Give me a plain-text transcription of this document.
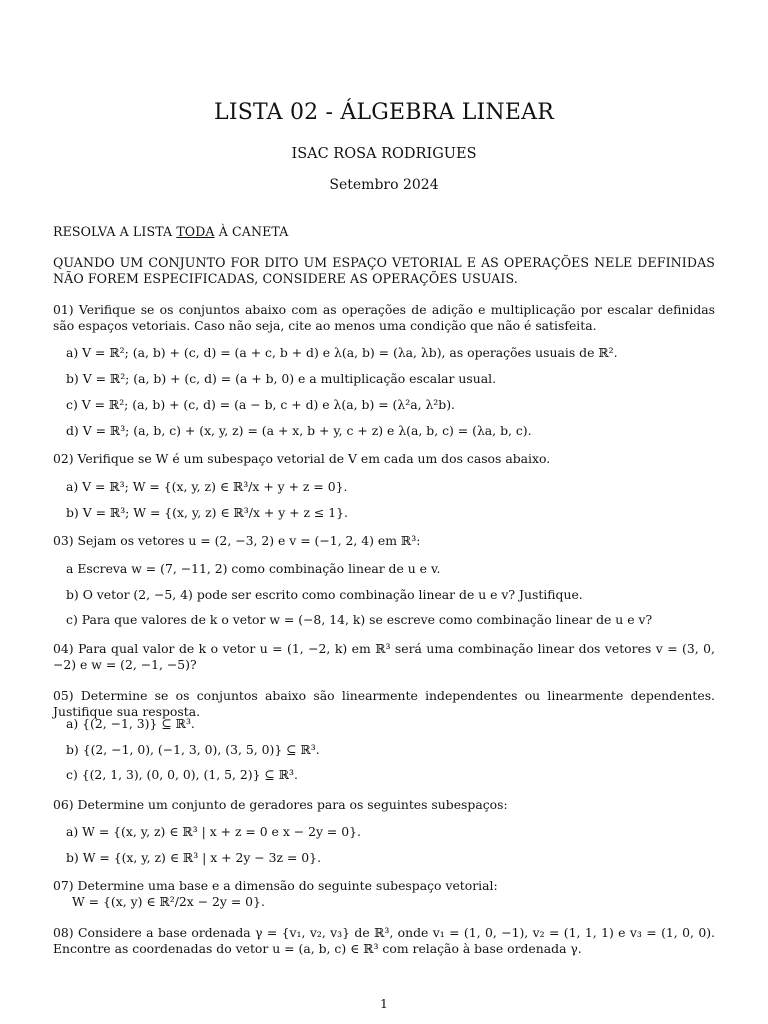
LISTA 02 - ÁLGEBRA LINEAR
ISAC ROSA RODRIGUES
Setembro 2024
RESOLVA A LISTA TODA À CANETA
QUANDO UM CONJUNTO FOR DITO UM ESPAÇO VETORIAL E AS OPERAÇÕES NELE DEFINIDAS NÃO FOREM ESPECIFICADAS, CONSIDERE AS OPERAÇÕES USUAIS.
01) Verifique se os conjuntos abaixo com as operações de adição e multiplicação por escalar definidas são espaços vetoriais. Caso não seja, cite ao menos uma condição que não é satisfeita.
a) V = ℝ²; (a, b) + (c, d) = (a + c, b + d) e λ(a, b) = (λa, λb), as operações usuais de ℝ².
b) V = ℝ²; (a, b) + (c, d) = (a + b, 0) e a multiplicação escalar usual.
c) V = ℝ²; (a, b) + (c, d) = (a − b, c + d) e λ(a, b) = (λ²a, λ²b).
d) V = ℝ³; (a, b, c) + (x, y, z) = (a + x, b + y, c + z) e λ(a, b, c) = (λa, b, c).
02) Verifique se W é um subespaço vetorial de V em cada um dos casos abaixo.
a) V = ℝ³; W = {(x, y, z) ∈ ℝ³/x + y + z = 0}.
b) V = ℝ³; W = {(x, y, z) ∈ ℝ³/x + y + z ≤ 1}.
03) Sejam os vetores u = (2, −3, 2) e v = (−1, 2, 4) em ℝ³:
a Escreva w = (7, −11, 2) como combinação linear de u e v.
b) O vetor (2, −5, 4) pode ser escrito como combinação linear de u e v? Justifique.
c) Para que valores de k o vetor w = (−8, 14, k) se escreve como combinação linear de u e v?
04) Para qual valor de k o vetor u = (1, −2, k) em ℝ³ será uma combinação linear dos vetores v = (3, 0, −2) e w = (2, −1, −5)?
05) Determine se os conjuntos abaixo são linearmente independentes ou linearmente dependentes. Justifique sua resposta.
a) {(2, −1, 3)} ⊆ ℝ³.
b) {(2, −1, 0), (−1, 3, 0), (3, 5, 0)} ⊆ ℝ³.
c) {(2, 1, 3), (0, 0, 0), (1, 5, 2)} ⊆ ℝ³.
06) Determine um conjunto de geradores para os seguintes subespaços:
a) W = {(x, y, z) ∈ ℝ³ | x + z = 0 e x − 2y = 0}.
b) W = {(x, y, z) ∈ ℝ³ | x + 2y − 3z = 0}.
07) Determine uma base e a dimensão do seguinte subespaço vetorial:
W = {(x, y) ∈ ℝ²/2x − 2y = 0}.
08) Considere a base ordenada γ = {v₁, v₂, v₃} de ℝ³, onde v₁ = (1, 0, −1), v₂ = (1, 1, 1) e v₃ = (1, 0, 0). Encontre as coordenadas do vetor u = (a, b, c) ∈ ℝ³ com relação à base ordenada γ.
1
